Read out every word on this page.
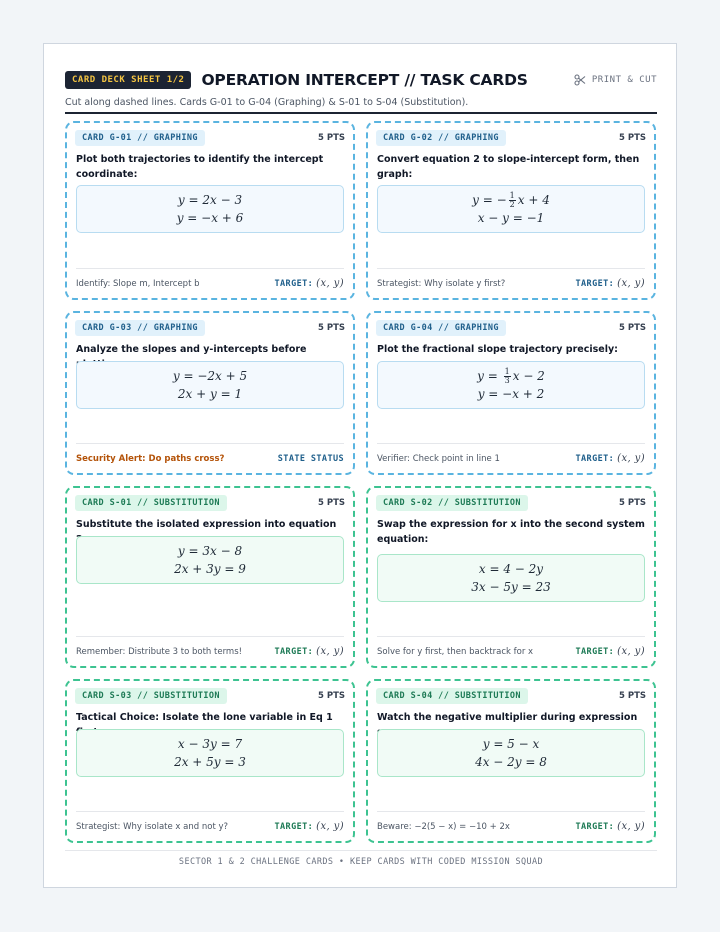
CARD DECK SHEET 1/2	OPERATION INTERCEPT // TASK CARDS	PRINT & CUT
Cut along dashed lines. Cards G-01 to G-04 (Graphing) & S-01 to S-04 (Substitution).
CARD G-01 // GRAPHING	5 PTS
Plot both trajectories to identify the intercept coordinate:
y = 2x − 3
y = −x + 6
Identify: Slope m, Intercept b	TARGET: (x, y)
CARD G-02 // GRAPHING	5 PTS
Convert equation 2 to slope-intercept form, then graph:
y = − $\frac{1}{2}$ x + 4
x − y = −1
Strategist: Why isolate y first?	TARGET: (x, y)
CARD G-03 // GRAPHING	5 PTS
Analyze the slopes and y-intercepts before
y = −2x + 5
2x + y = 1
Security Alert: Do paths cross?	STATE STATUS
CARD G-04 // GRAPHING	5 PTS
Plot the fractional slope trajectory precisely:
$y = \frac{1}{3}$ x − 2
y = −x + 2
Verifier: Check point in line 1	TARGET: (x, y)
CARD S-01 // SUBSTITUTION	5 PTS
Substitute the isolated expression into equation
y = 3x − 8
2x + 3y = 9
Remember: Distribute 3 to both terms!	TARGET: (x, y)
CARD S-02 // SUBSTITUTION	5 PTS
Swap the expression for x into the second system equation:
x = 4 − 2y
3x − 5y = 23
Solve for y first, then backtrack for x	TARGET: (x, y)
CARD S-03 // SUBSTITUTION	5 PTS
Tactical Choice: Isolate the lone variable in Eq 1
x − 3y = 7
2x + 5y = 3
Strategist: Why isolate x and not y?	TARGET: (x, y)
CARD S-04 // SUBSTITUTION	5 PTS
Watch the negative multiplier during expression
y = 5 − x
4x − 2y = 8
Beware: −2(5 − x) = −10 + 2x	TARGET: (x, y)
SECTOR 1 & 2 CHALLENGE CARDS • KEEP CARDS WITH CODED MISSION SQUAD
